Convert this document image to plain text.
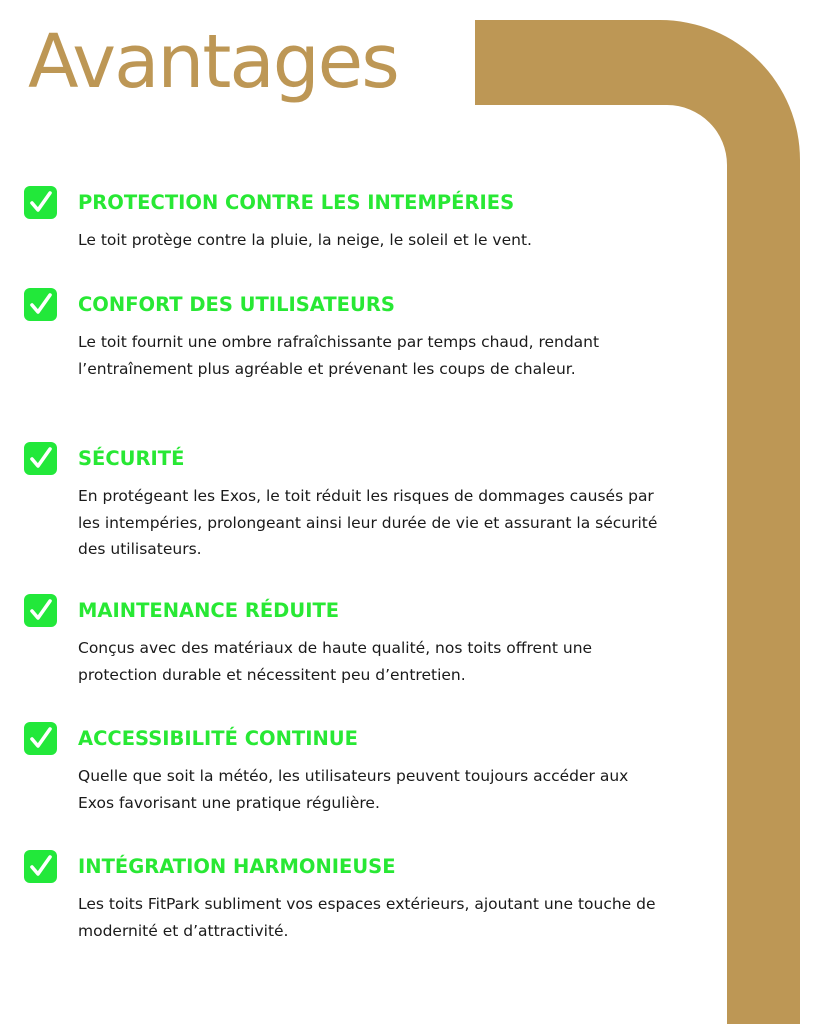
Avantages
PROTECTION CONTRE LES INTEMPÉRIES

Le toit protège contre la pluie, la neige, le soleil et le vent.

CONFORT DES UTILISATEURS

Le toit fournit une ombre rafraîchissante par temps chaud, rendant l’entraînement plus agréable et prévenant les coups de chaleur.

SÉCURITÉ

En protégeant les Exos, le toit réduit les risques de dommages causés par les intempéries, prolongeant ainsi leur durée de vie et assurant la sécurité des utilisateurs.

MAINTENANCE RÉDUITE

Conçus avec des matériaux de haute qualité, nos toits offrent une protection durable et nécessitent peu d’entretien.

ACCESSIBILITÉ CONTINUE

Quelle que soit la météo, les utilisateurs peuvent toujours accéder aux Exos favorisant une pratique régulière.

INTÉGRATION HARMONIEUSE

Les toits FitPark subliment vos espaces extérieurs, ajoutant une touche de modernité et d’attractivité.
